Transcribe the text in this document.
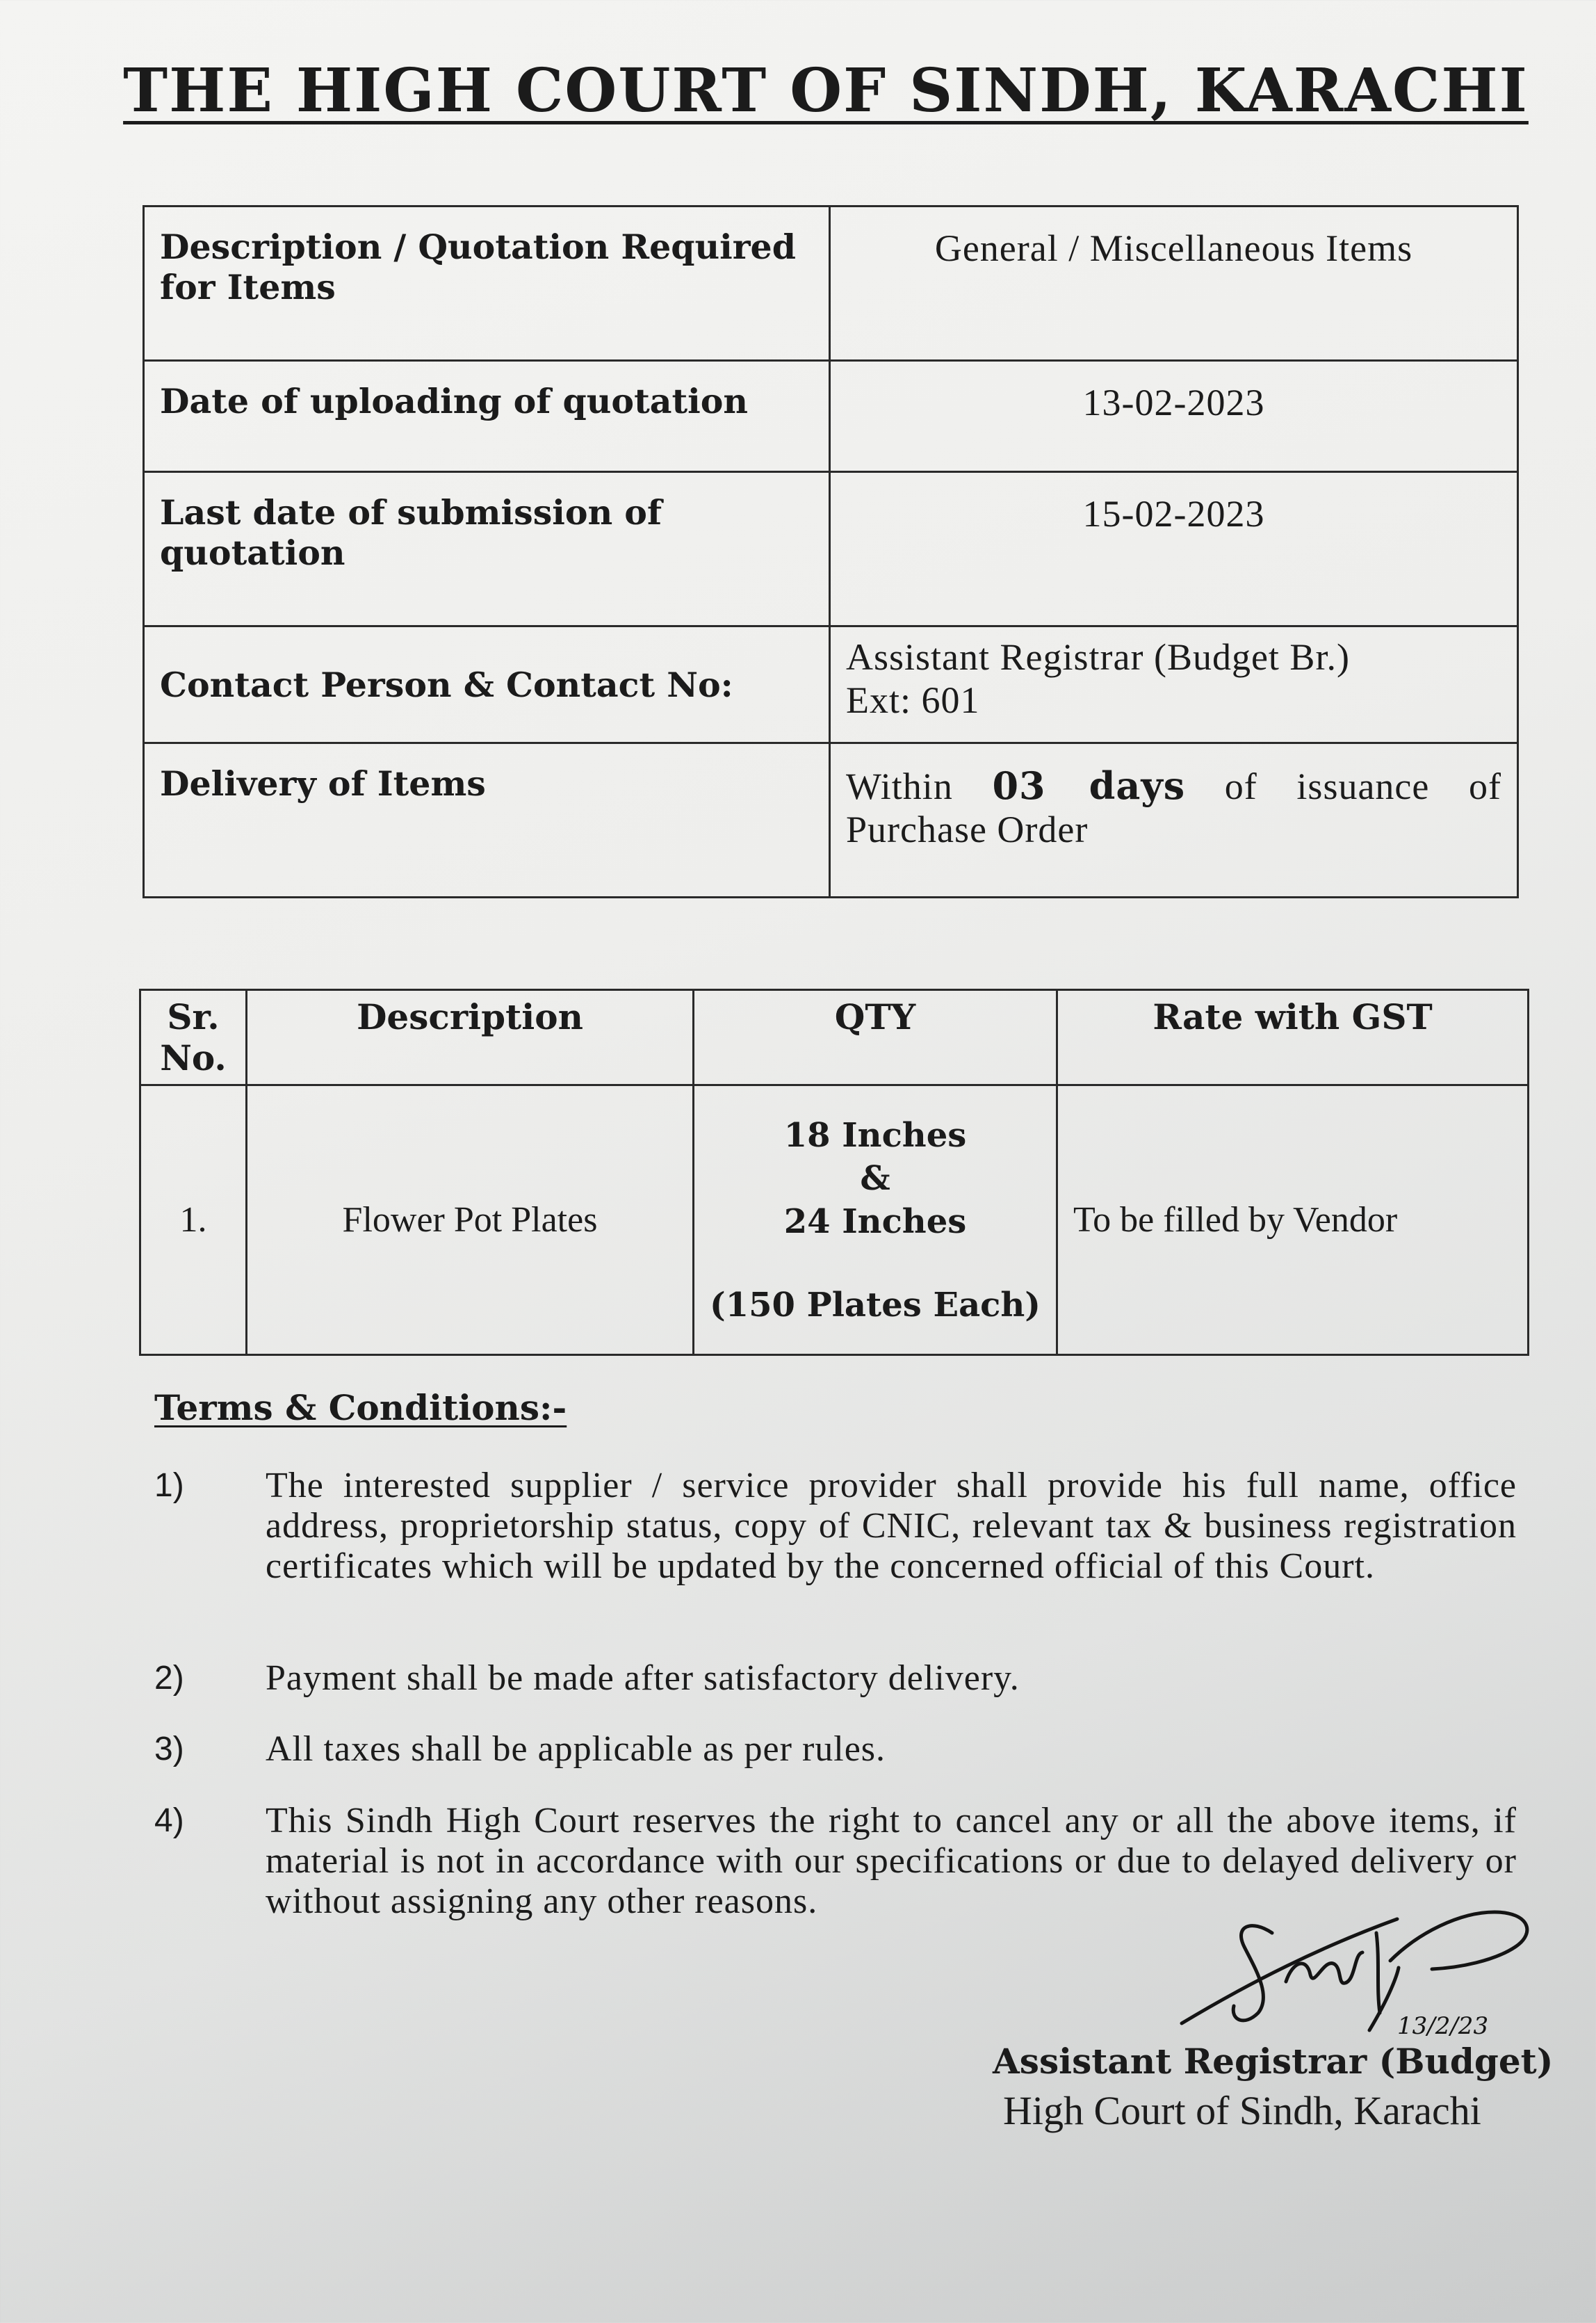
THE HIGH COURT OF SINDH, KARACHI
Description / Quotation Required for Items	General / Miscellaneous Items
Date of uploading of quotation	13-02-2023
Last date of submission of quotation	15-02-2023
Contact Person & Contact No:	Assistant Registrar (Budget Br.)
Ext: 601

Delivery of Items	Within 03 days of issuance of Purchase Order
Sr. No.	Description	QTY	Rate with GST
1.	Flower Pot Plates	18 Inches
&
24 Inches
(150 Plates Each)	To be filled by Vendor
Terms & Conditions:-
1)	The interested supplier / service provider shall provide his full name, office address, proprietorship status, copy of CNIC, relevant tax & business registration certificates which will be updated by the concerned official of this Court.
2)	Payment shall be made after satisfactory delivery.
3)	All taxes shall be applicable as per rules.
4)	This Sindh High Court reserves the right to cancel any or all the above items, if material is not in accordance with our specifications or due to delayed delivery or without assigning any other reasons.
13/2/23
Assistant Registrar (Budget)
High Court of Sindh, Karachi
